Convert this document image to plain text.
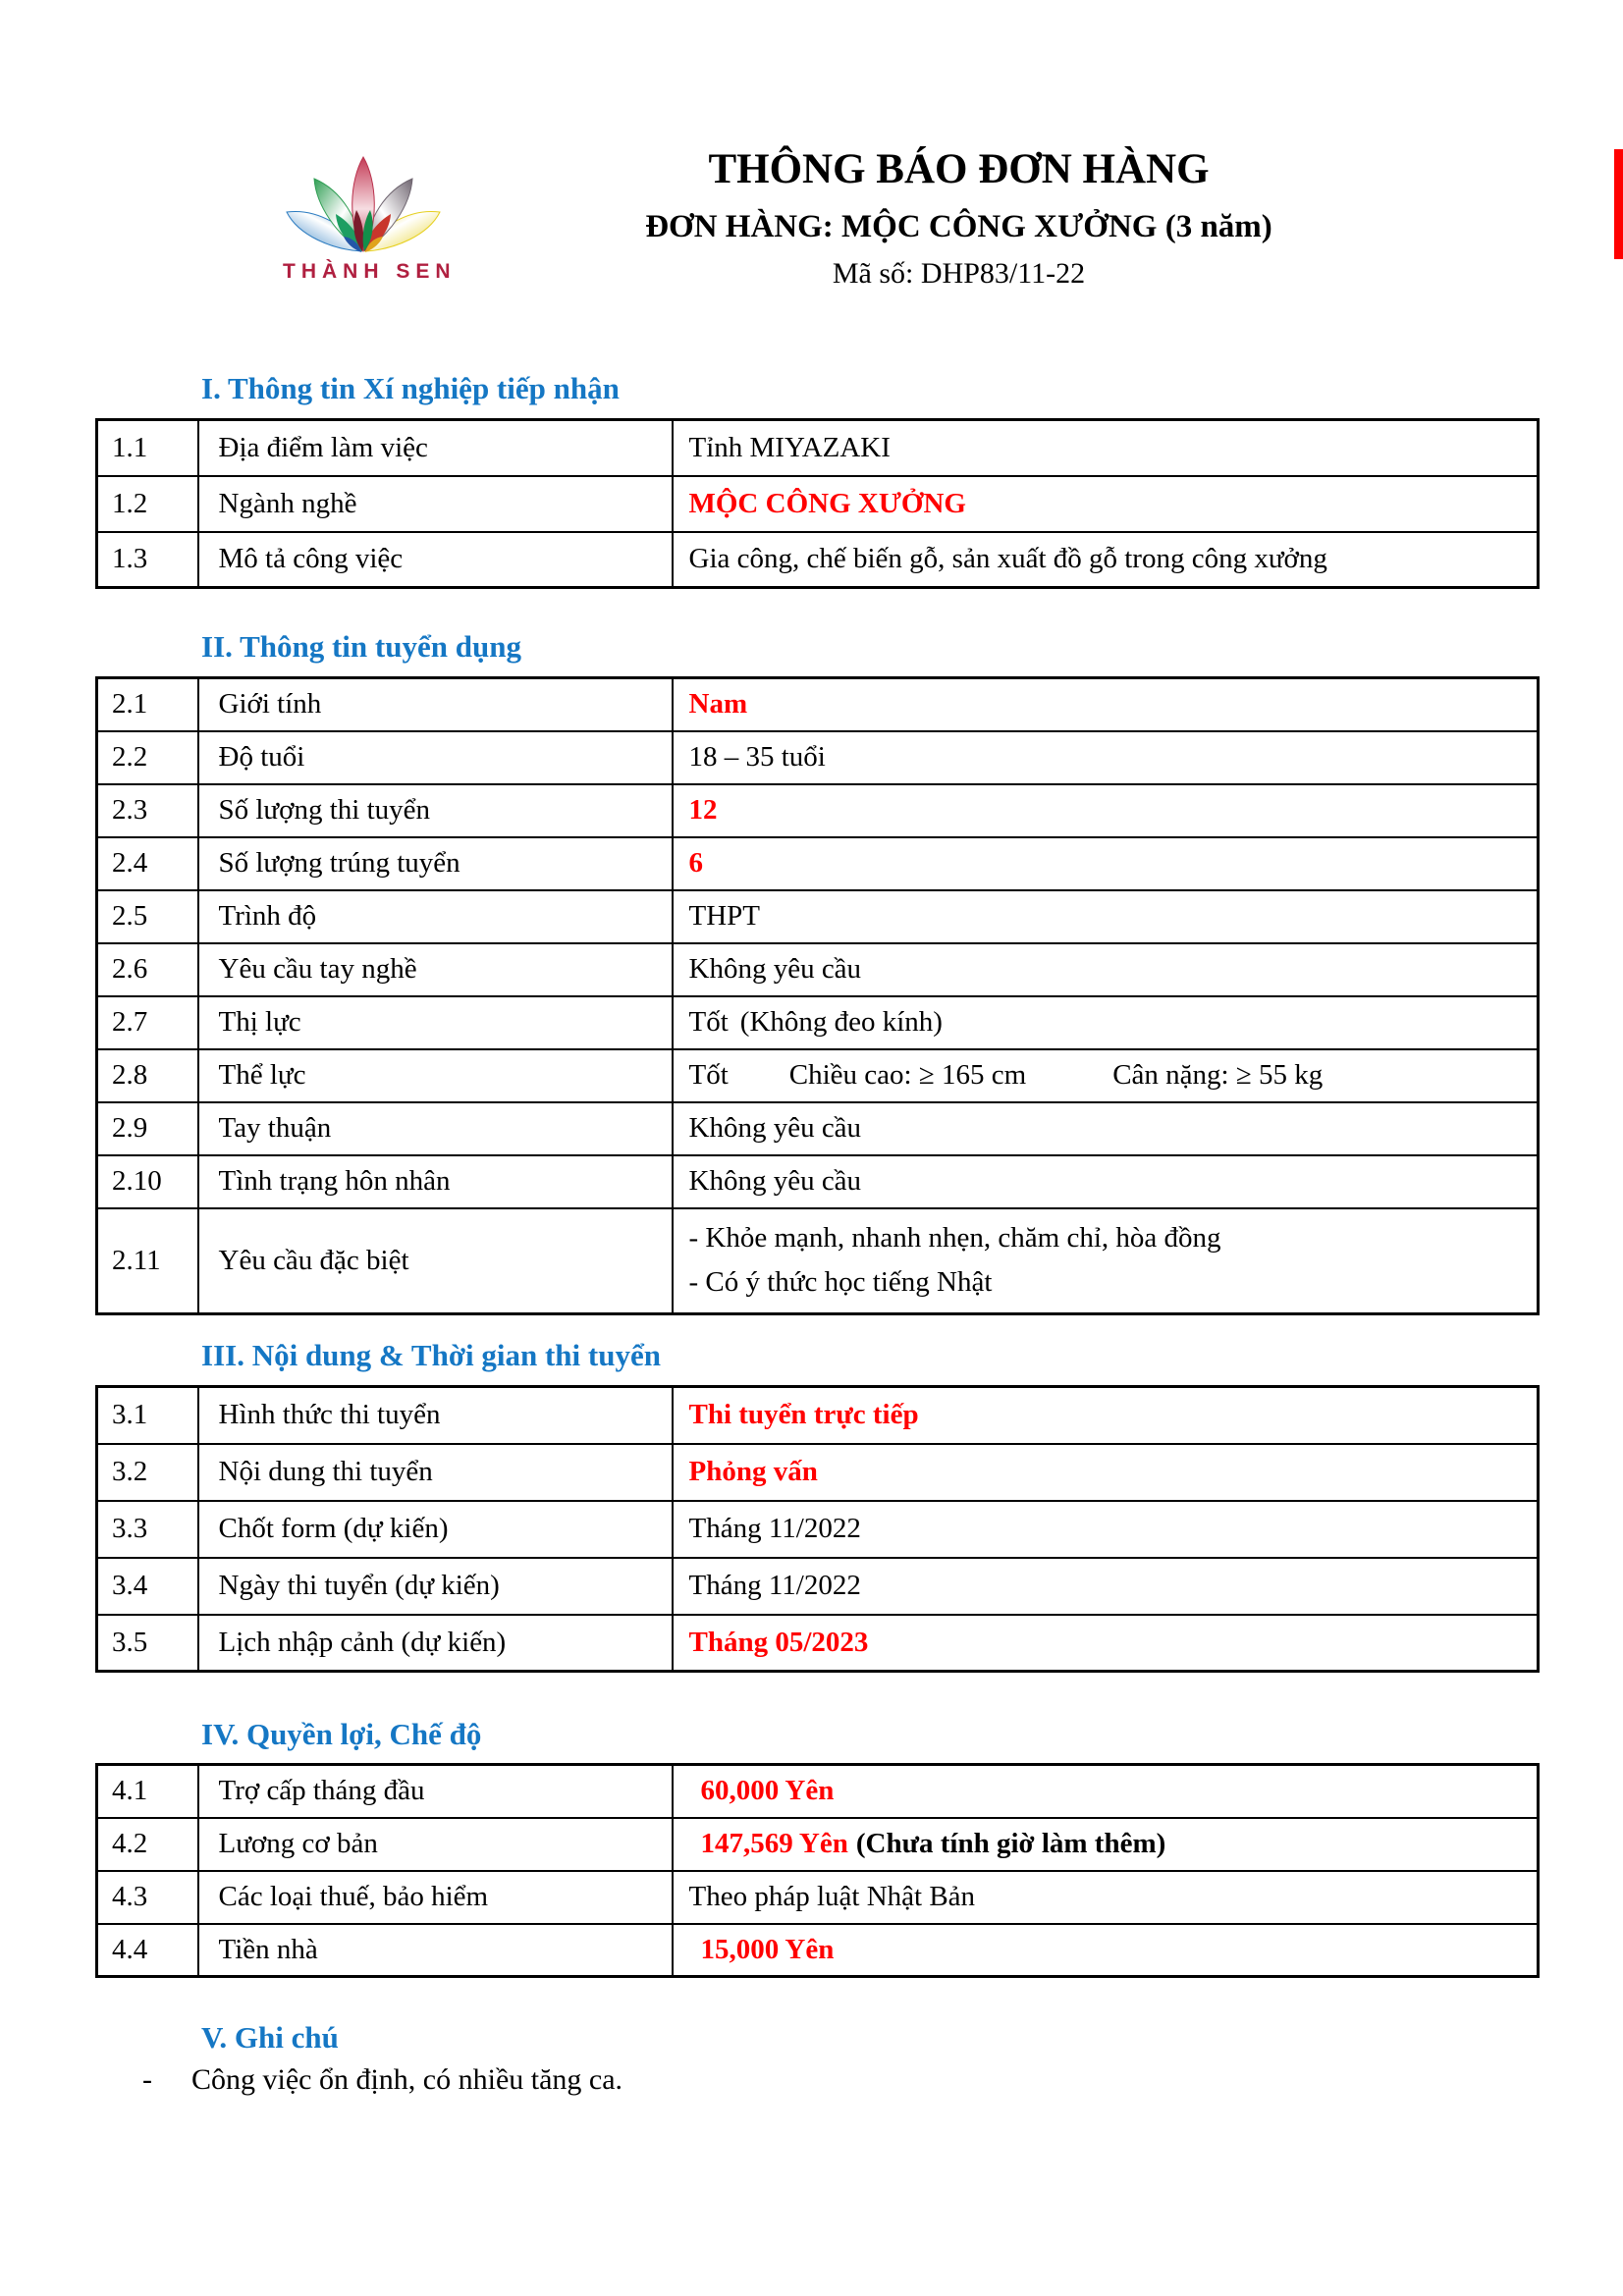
THÀNH SEN
THÔNG BÁO ĐƠN HÀNG
ĐƠN HÀNG: MỘC CÔNG XƯỞNG (3 năm)
Mã số: DHP83/11-22
I. Thông tin Xí nghiệp tiếp nhận
1.1	Địa điểm làm việc	Tỉnh MIYAZAKI
1.2	Ngành nghề	MỘC CÔNG XƯỞNG
1.3	Mô tả công việc	Gia công, chế biến gỗ, sản xuất đồ gỗ trong công xưởng
II. Thông tin tuyển dụng
2.1	Giới tính	Nam
2.2	Độ tuổi	18 – 35 tuổi
2.3	Số lượng thi tuyển	12
2.4	Số lượng trúng tuyển	6
2.5	Trình độ	THPT
2.6	Yêu cầu tay nghề	Không yêu cầu
2.7	Thị lực	Tốt (Không đeo kính)
2.8	Thể lực	Tốt Chiều cao: ≥ 165 cm Cân nặng: ≥ 55 kg
2.9	Tay thuận	Không yêu cầu
2.10	Tình trạng hôn nhân	Không yêu cầu
2.11	Yêu cầu đặc biệt	- Khỏe mạnh, nhanh nhẹn, chăm chỉ, hòa đồng
- Có ý thức học tiếng Nhật
III. Nội dung & Thời gian thi tuyển
3.1	Hình thức thi tuyển	Thi tuyển trực tiếp
3.2	Nội dung thi tuyển	Phỏng vấn
3.3	Chốt form (dự kiến)	Tháng 11/2022
3.4	Ngày thi tuyển (dự kiến)	Tháng 11/2022
3.5	Lịch nhập cảnh (dự kiến)	Tháng 05/2023
IV. Quyền lợi, Chế độ
4.1	Trợ cấp tháng đầu	60,000 Yên
4.2	Lương cơ bản	147,569 Yên (Chưa tính giờ làm thêm)
4.3	Các loại thuế, bảo hiểm	Theo pháp luật Nhật Bản
4.4	Tiền nhà	15,000 Yên
V. Ghi chú
- Công việc ổn định, có nhiều tăng ca.
